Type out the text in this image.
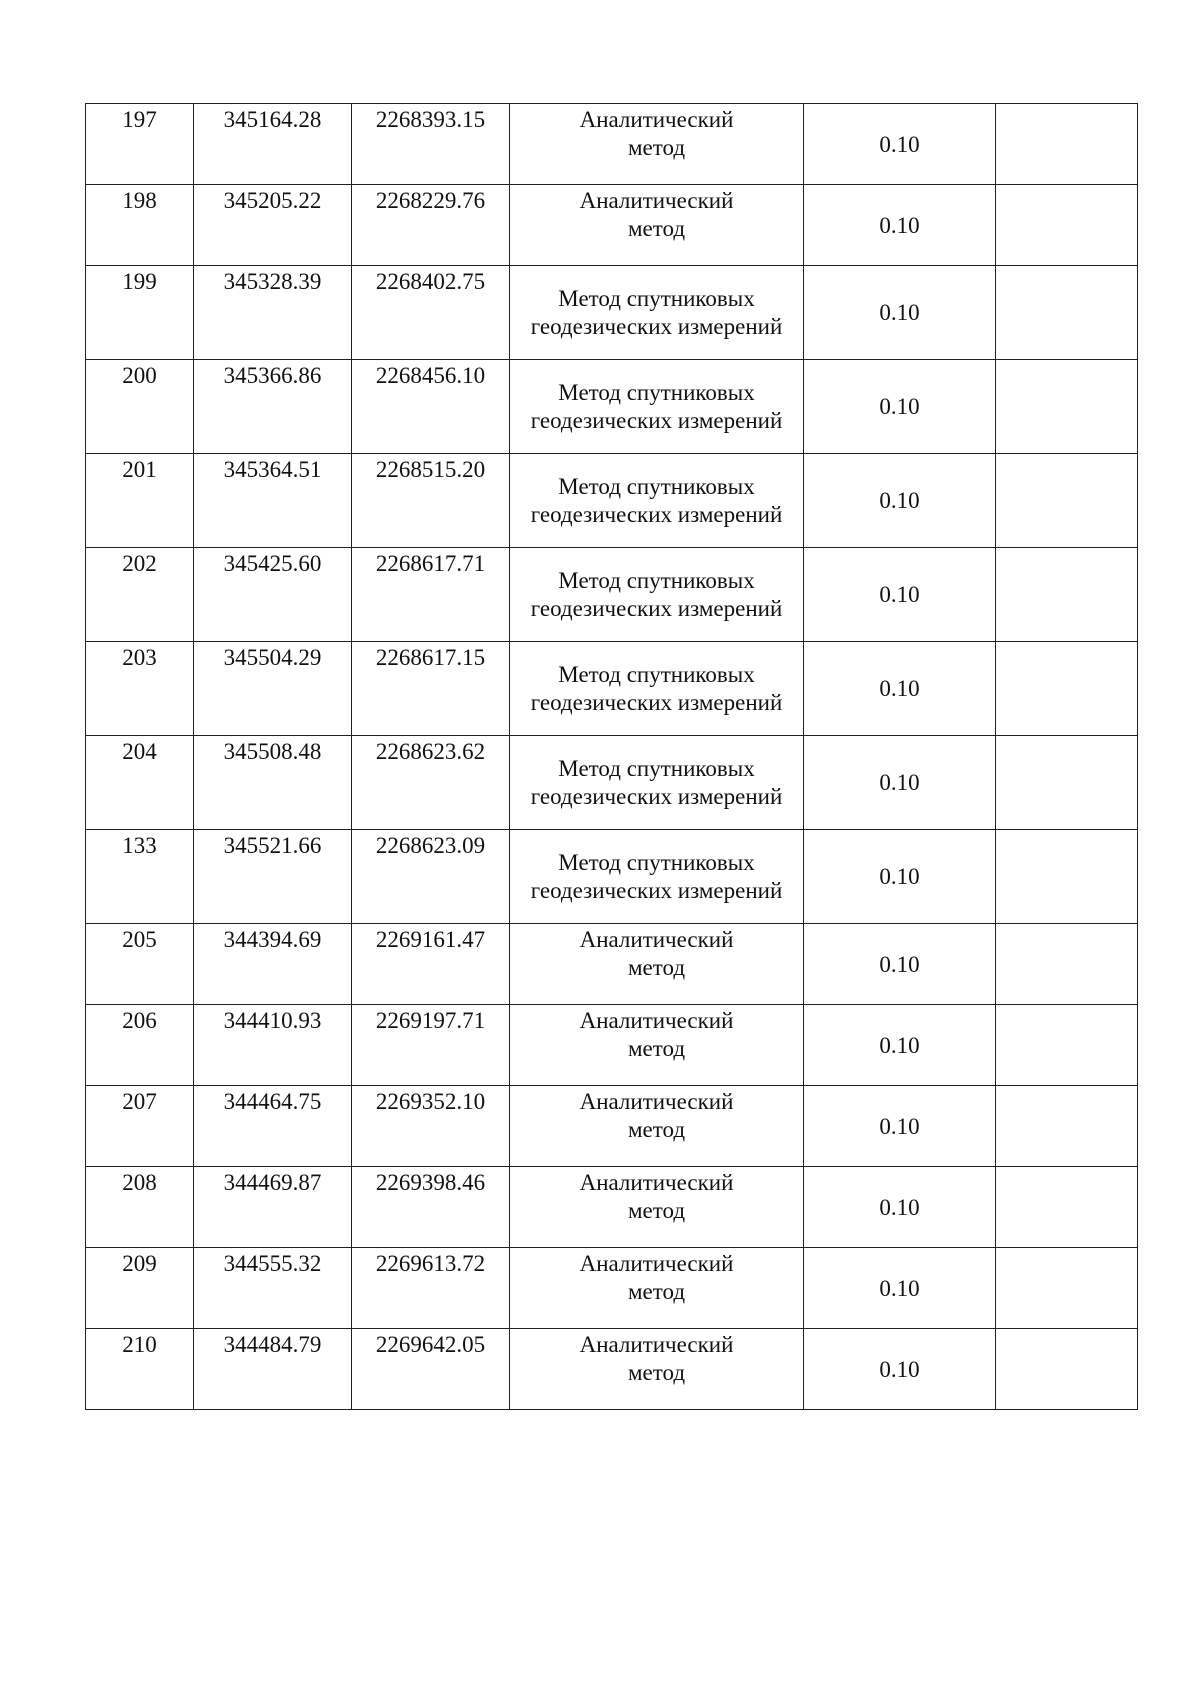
197	345164.28	2268393.15	Аналитический
метод	0.10	
198	345205.22	2268229.76	Аналитический
метод	0.10	
199	345328.39	2268402.75	Метод спутниковых
геодезических измерений	0.10	
200	345366.86	2268456.10	Метод спутниковых
геодезических измерений	0.10	
201	345364.51	2268515.20	Метод спутниковых
геодезических измерений	0.10	
202	345425.60	2268617.71	Метод спутниковых
геодезических измерений	0.10	
203	345504.29	2268617.15	Метод спутниковых
геодезических измерений	0.10	
204	345508.48	2268623.62	Метод спутниковых
геодезических измерений	0.10	
133	345521.66	2268623.09	Метод спутниковых
геодезических измерений	0.10	
205	344394.69	2269161.47	Аналитический
метод	0.10	
206	344410.93	2269197.71	Аналитический
метод	0.10	
207	344464.75	2269352.10	Аналитический
метод	0.10	
208	344469.87	2269398.46	Аналитический
метод	0.10	
209	344555.32	2269613.72	Аналитический
метод	0.10	
210	344484.79	2269642.05	Аналитический
метод	0.10	
